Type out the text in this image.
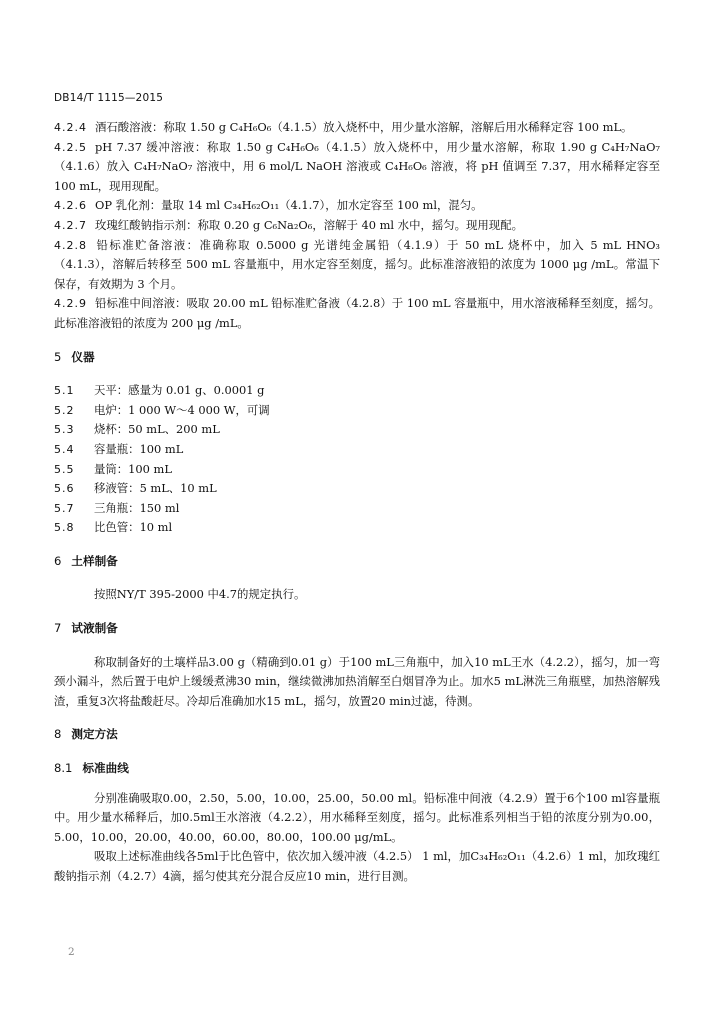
DB14/T 1115—2015

4.2.4 酒石酸溶液：称取 1.50 g C₄H₆O₆（4.1.5）放入烧杯中，用少量水溶解，溶解后用水稀释定容 100 mL。

4.2.5 pH 7.37 缓冲溶液：称取 1.50 g C₄H₆O₆（4.1.5）放入烧杯中，用少量水溶解，称取 1.90 g C₄H₇NaO₇（4.1.6）放入 C₄H₇NaO₇ 溶液中，用 6 mol/L NaOH 溶液或 C₄H₆O₆ 溶液，将 pH 值调至 7.37，用水稀释定容至 100 mL，现用现配。

4.2.6 OP 乳化剂：量取 14 ml C₃₄H₆₂O₁₁（4.1.7），加水定容至 100 ml，混匀。

4.2.7 玫瑰红酸钠指示剂：称取 0.20 g C₆Na₂O₆，溶解于 40 ml 水中，摇匀。现用现配。

4.2.8 铅标准贮备溶液：准确称取 0.5000 g 光谱纯金属铅（4.1.9）于 50 mL 烧杯中，加入 5 mL HNO₃（4.1.3），溶解后转移至 500 mL 容量瓶中，用水定容至刻度，摇匀。此标准溶液铅的浓度为 1000 μg /mL。常温下保存，有效期为 3 个月。

4.2.9 铅标准中间溶液：吸取 20.00 mL 铅标准贮备液（4.2.8）于 100 mL 容量瓶中，用水溶液稀释至刻度，摇匀。此标准溶液铅的浓度为 200 μg /mL。

5 仪器

5.1 天平：感量为 0.01 g、0.0001 g

5.2 电炉：1 000 W～4 000 W，可调

5.3 烧杯：50 mL、200 mL

5.4 容量瓶：100 mL

5.5 量筒：100 mL

5.6 移液管：5 mL、10 mL

5.7 三角瓶：150 ml

5.8 比色管：10 ml

6 土样制备

按照NY/T 395-2000 中4.7的规定执行。

7 试液制备

称取制备好的土壤样品3.00 g（精确到0.01 g）于100 mL三角瓶中，加入10 mL王水（4.2.2），摇匀，加一弯颈小漏斗，然后置于电炉上缓缓煮沸30 min，继续微沸加热消解至白烟冒净为止。加水5 mL淋洗三角瓶壁，加热溶解残渣，重复3次将盐酸赶尽。冷却后准确加水15 mL，摇匀，放置20 min过滤，待测。

8 测定方法

8.1 标准曲线

分别准确吸取0.00，2.50，5.00，10.00，25.00，50.00 ml。铅标准中间液（4.2.9）置于6个100 ml容量瓶中。用少量水稀释后，加0.5ml王水溶液（4.2.2），用水稀释至刻度，摇匀。此标准系列相当于铅的浓度分别为0.00，5.00，10.00，20.00，40.00，60.00，80.00，100.00 μg/mL。

吸取上述标准曲线各5ml于比色管中，依次加入缓冲液（4.2.5） 1 ml，加C₃₄H₆₂O₁₁（4.2.6）1 ml，加玫瑰红酸钠指示剂（4.2.7）4滴，摇匀使其充分混合反应10 min，进行目测。

2
